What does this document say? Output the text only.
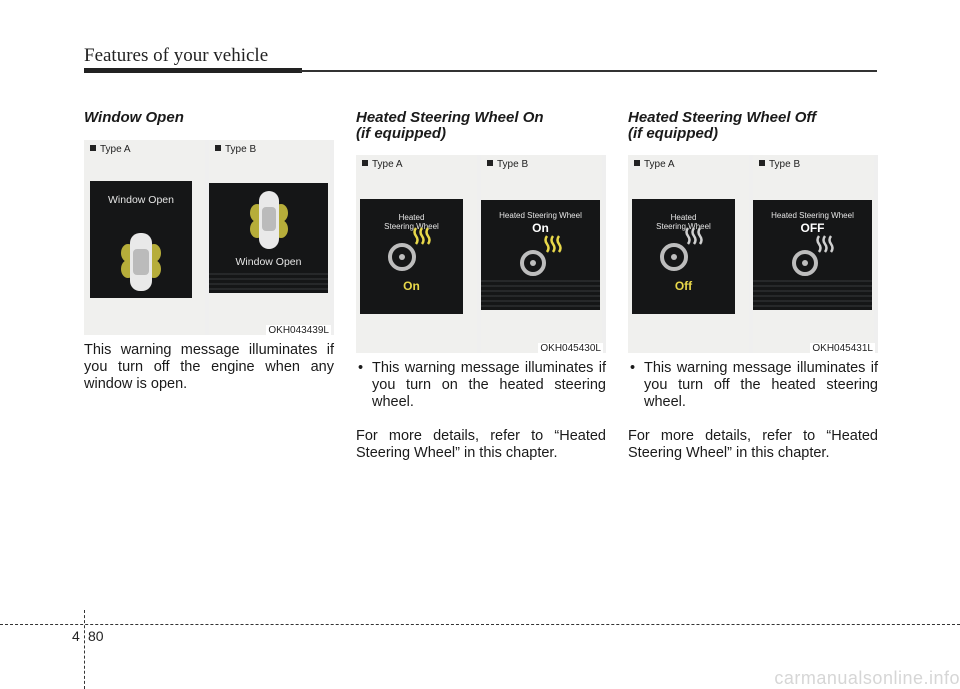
Features of your vehicle

Window Open

Type A
Window Open
Type B
Window Open
OKH043439L

This warning message illuminates if you turn off the engine when any window is open.

Heated Steering Wheel On

(if equipped)

Type A
Heated
Steering Wheel
On
Type B
Heated Steering Wheel
On
OKH045430L

• This warning message illuminates if you turn on the heated steering wheel.

For more details, refer to “Heated Steering Wheel” in this chapter.

Heated Steering Wheel Off

(if equipped)

Type A
Heated
Steering Wheel
Off
Type B
Heated Steering Wheel
OFF
OKH045431L

• This warning message illuminates if you turn off the heated steering wheel.

For more details, refer to “Heated Steering Wheel” in this chapter.

4 80
carmanualsonline.info
